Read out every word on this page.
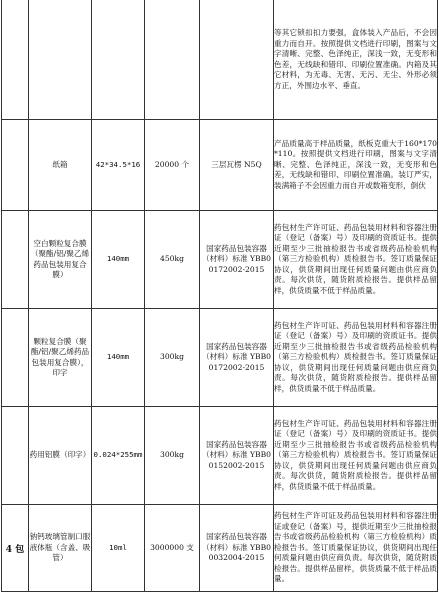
					等其它锁扣扣力要强，盒体装入产品后，不会因重力而自开。按照提供文档进行印刷，图案与文字清晰、完整、色泽纯正，深浅一致，无变形和色差，无线缺和错印、印刷位置准确。内箱及其它材料，为无毒、无害、无污、无尘、外形必须方正，外围边水平、垂直。
	纸箱	42*34.5*16	20000 个	三层瓦楞 N5Q	产品质量高于样品质量，纸板克重大于160*170*110。按照提供文档进行印刷，图案与文字清晰、完整、色泽纯正，深浅一致，无变形和色差，无线缺和错印、印刷位置准确。装订严实，装满箱子不会因重力而自开或数箱变形，倒伏
	空白颗粒复合膜（聚酯/铝/聚乙烯药品包装用复合膜）	140mm	450kg	国家药品包装容器（材料）标准 YBB00172002-2015	药包材生产许可证、药品包装用材料和容器注册证（登记（备案）号）及印刷的资质证书。提供近期至少三批抽检报告书或省级药品检验机构（第三方检验机构）质检报告书。签订质量保证协议，供货期间出现任何质量问题由供应商负责。每次供货，随货附质检报告。提供样品留样，供货质量不低于样品质量。
	颗粒复合膜（聚酯/铝/聚乙烯药品包装用复合膜），印字	140mm	300kg	国家药品包装容器（材料）标准 YBB00172002-2015	药包材生产许可证、药品包装用材料和容器注册证（登记（备案）号）及印刷的资质证书。提供近期至少三批抽检报告书或省级药品检验机构（第三方检验机构）质检报告书。签订质量保证协议，供货期间出现任何质量问题由供应商负责。每次供货，随货附质检报告。提供样品留样，供货质量不低于样品质量。
	药用铝膜（印字）	0.024*255mm	300kg	国家药品包装容器（材料）标准 YBB00152002-2015	药包材生产许可证、药品包装用材料和容器注册证（登记（备案）号）及印刷的资质证书。提供近期至少三批抽检报告书或省级药品检验机构（第三方检验机构）质检报告书。签订质量保证协议，供货期间出现任何质量问题由供应商负责。每次供货，随货附质检报告。提供样品留样，供货质量不低于样品质量。
4 包	钠钙玻璃管制口服液体瓶（含盖、吸管）	10ml	3000000 支	国家药品包装容器（材料）标准 YBB00032004-2015	药包材生产许可证及药品包装用材料和容器注册证或登记（备案）号，提供近期至少三批抽检报告书或省级药品检验机构（第三方检验机构）质检报告书。签订质量保证协议，供货期间出现任何质量问题由供应商负责。每次供货，随货附质检报告。提供样品留样，供货质量不低于样品质量。
